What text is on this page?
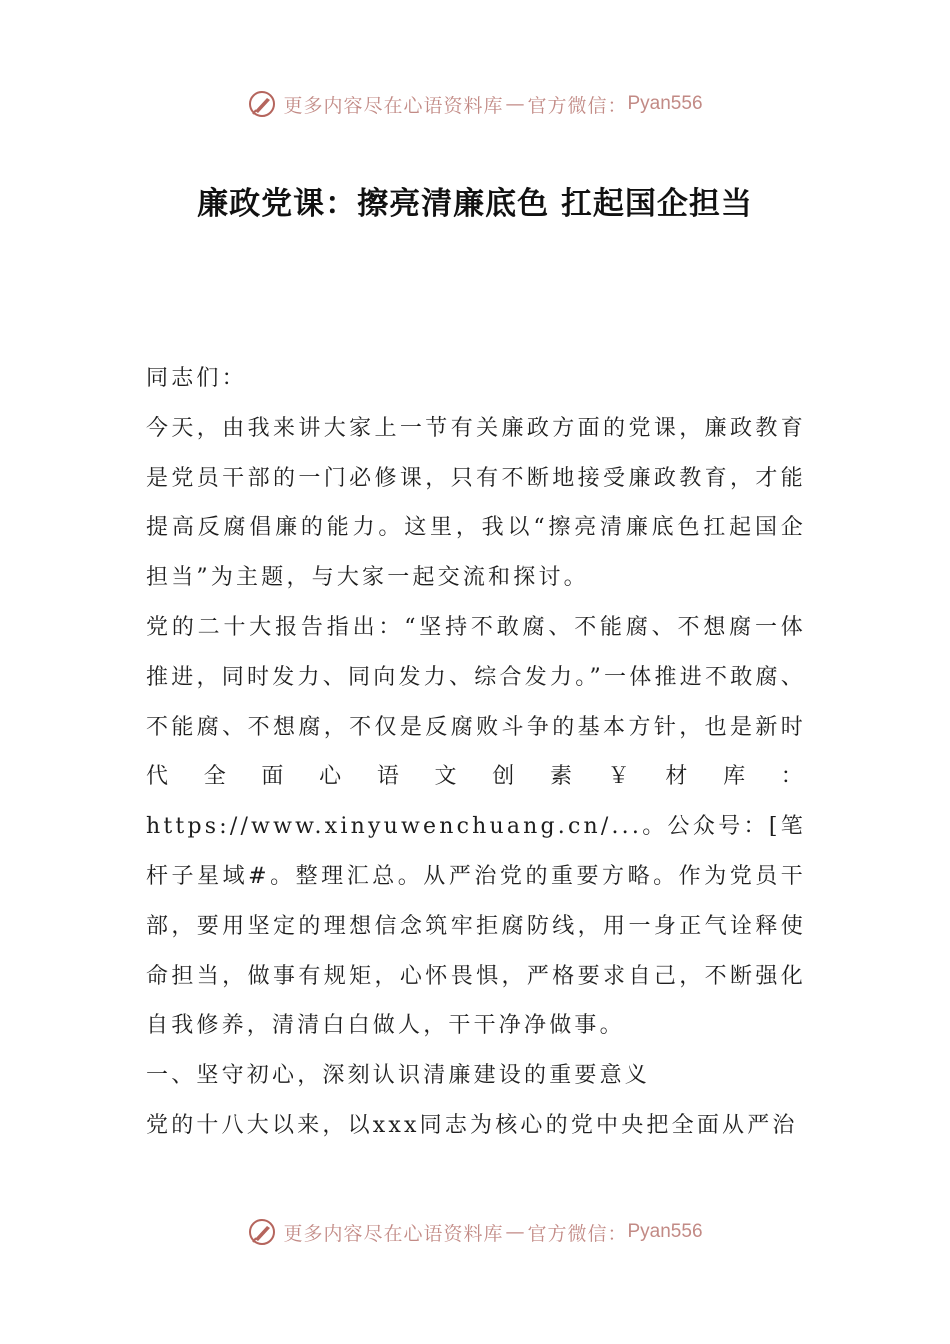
更多内容尽在心语资料库 — 官方微信： Pyan556
廉政党课：擦亮清廉底色 扛起国企担当

同志们：

今天，由我来讲大家上一节有关廉政方面的党课，廉政教育是党员干部的一门必修课，只有不断地接受廉政教育，才能提高反腐倡廉的能力。这里，我以“擦亮清廉底色扛起国企担当”为主题，与大家一起交流和探讨。

党的二十大报告指出：“坚持不敢腐、不能腐、不想腐一体推进，同时发力、同向发力、综合发力。”一体推进不敢腐、不能腐、不想腐，不仅是反腐败斗争的基本方针，也是新时代全面心语文创素￥材库：https://www.xinyuwenchuang.cn/...。公众号：[笔杆子星域#。整理汇总。从严治党的重要方略。作为党员干部，要用坚定的理想信念筑牢拒腐防线，用一身正气诠释使命担当，做事有规矩，心怀畏惧，严格要求自己，不断强化自我修养，清清白白做人，干干净净做事。

一、坚守初心，深刻认识清廉建设的重要意义

党的十八大以来，以xxx同志为核心的党中央把全面从严治

更多内容尽在心语资料库 — 官方微信： Pyan556
